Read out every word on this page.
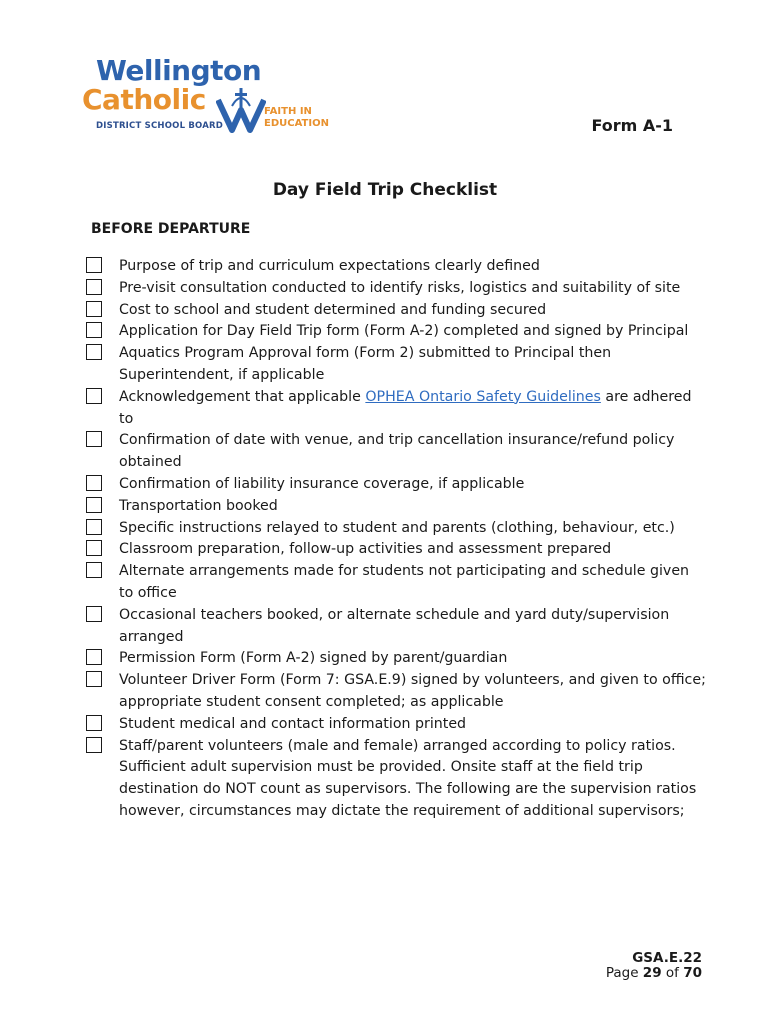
Wellington
Catholic
DISTRICT SCHOOL BOARD
FAITH IN
EDUCATION	Form A-1
Day Field Trip Checklist
BEFORE DEPARTURE
Purpose of trip and curriculum expectations clearly defined
Pre-visit consultation conducted to identify risks, logistics and suitability of site
Cost to school and student determined and funding secured
Application for Day Field Trip form (Form A-2) completed and signed by Principal
Aquatics Program Approval form (Form 2) submitted to Principal then Superintendent, if applicable
Acknowledgement that applicable OPHEA Ontario Safety Guidelines are adhered to
Confirmation of date with venue, and trip cancellation insurance/refund policy obtained
Confirmation of liability insurance coverage, if applicable
Transportation booked
Specific instructions relayed to student and parents (clothing, behaviour, etc.)
Classroom preparation, follow-up activities and assessment prepared
Alternate arrangements made for students not participating and schedule given to office
Occasional teachers booked, or alternate schedule and yard duty/supervision arranged
Permission Form (Form A-2) signed by parent/guardian
Volunteer Driver Form (Form 7: GSA.E.9) signed by volunteers, and given to office; appropriate student consent completed; as applicable
Student medical and contact information printed
Staff/parent volunteers (male and female) arranged according to policy ratios. Sufficient adult supervision must be provided. Onsite staff at the field trip destination do NOT count as supervisors. The following are the supervision ratios however, circumstances may dictate the requirement of additional supervisors;
GSA.E.22
Page 29 of 70
